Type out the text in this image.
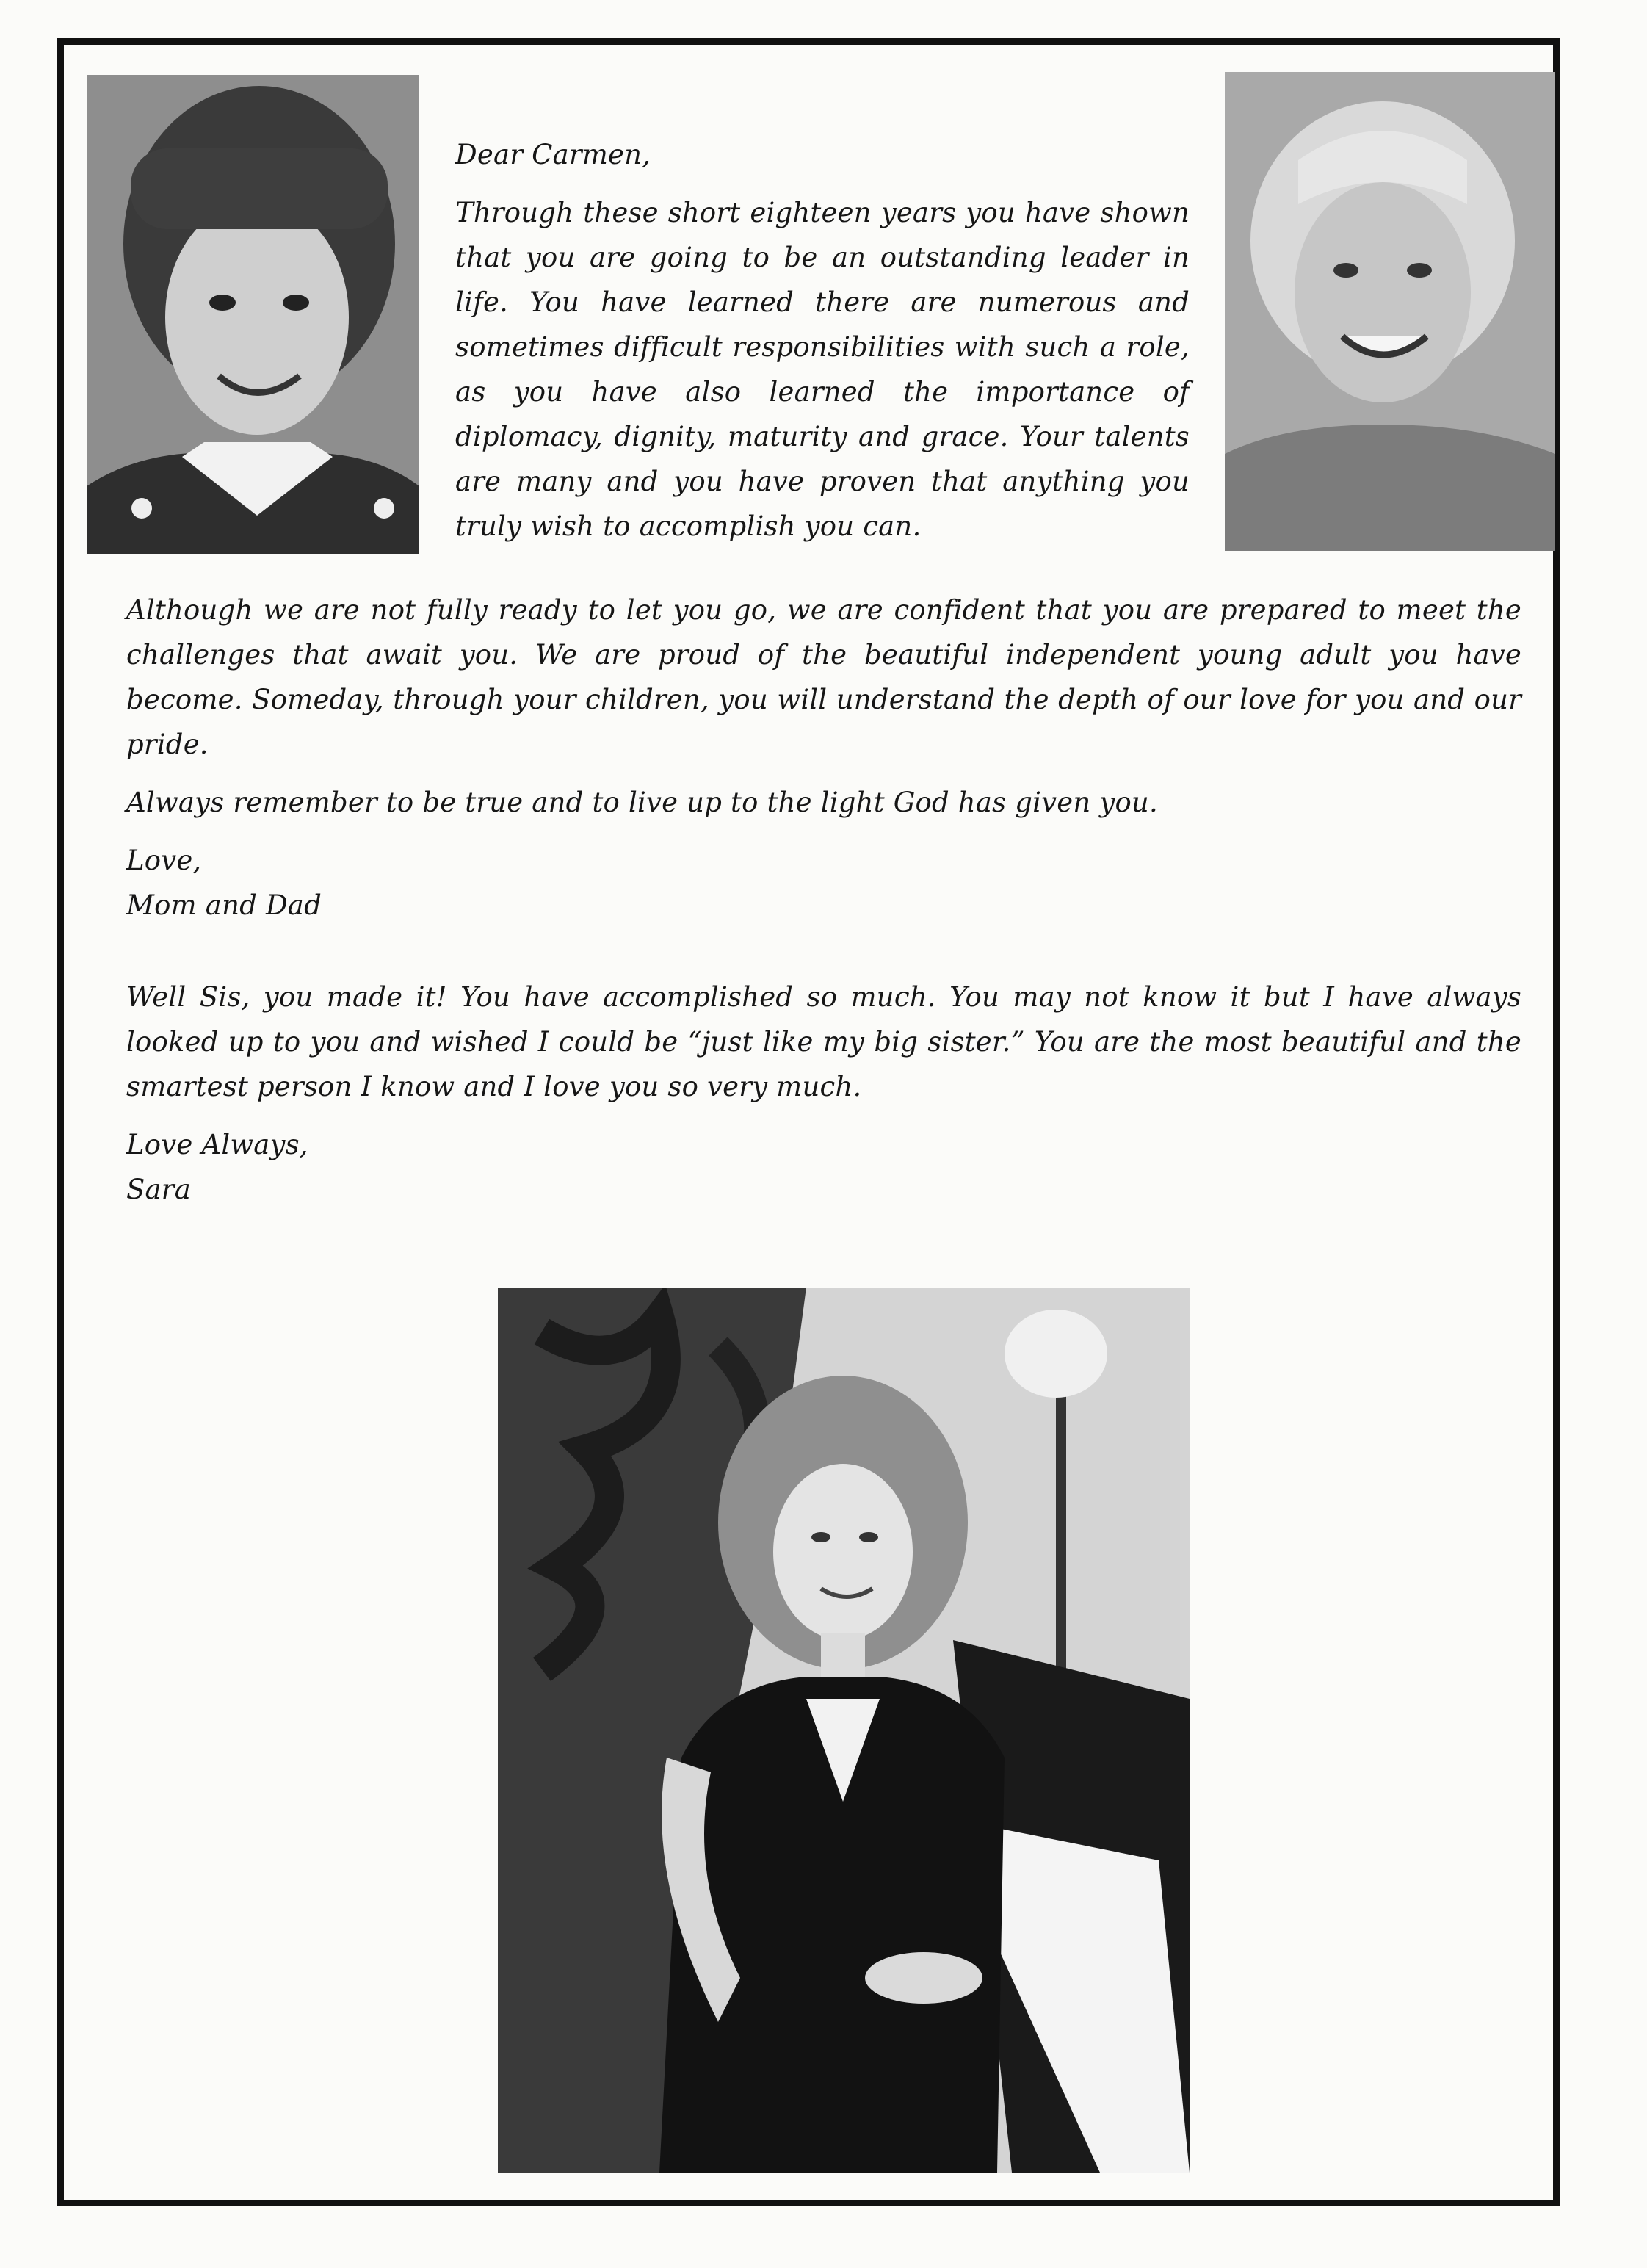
Dear Carmen,

Through these short eighteen years you have shown that you are going to be an outstanding leader in life. You have learned there are numerous and sometimes difficult responsibilities with such a role, as you have also learned the importance of diplomacy, dignity, maturity and grace. Your talents are many and you have proven that anything you truly wish to accomplish you can.

Although we are not fully ready to let you go, we are confident that you are prepared to meet the challenges that await you. We are proud of the beautiful independent young adult you have become. Someday, through your children, you will understand the depth of our love for you and our pride.

Always remember to be true and to live up to the light God has given you.

Love,

Mom and Dad

Well Sis, you made it! You have accomplished so much. You may not know it but I have always looked up to you and wished I could be “just like my big sister.” You are the most beautiful and the smartest person I know and I love you so very much.

Love Always,

Sara
